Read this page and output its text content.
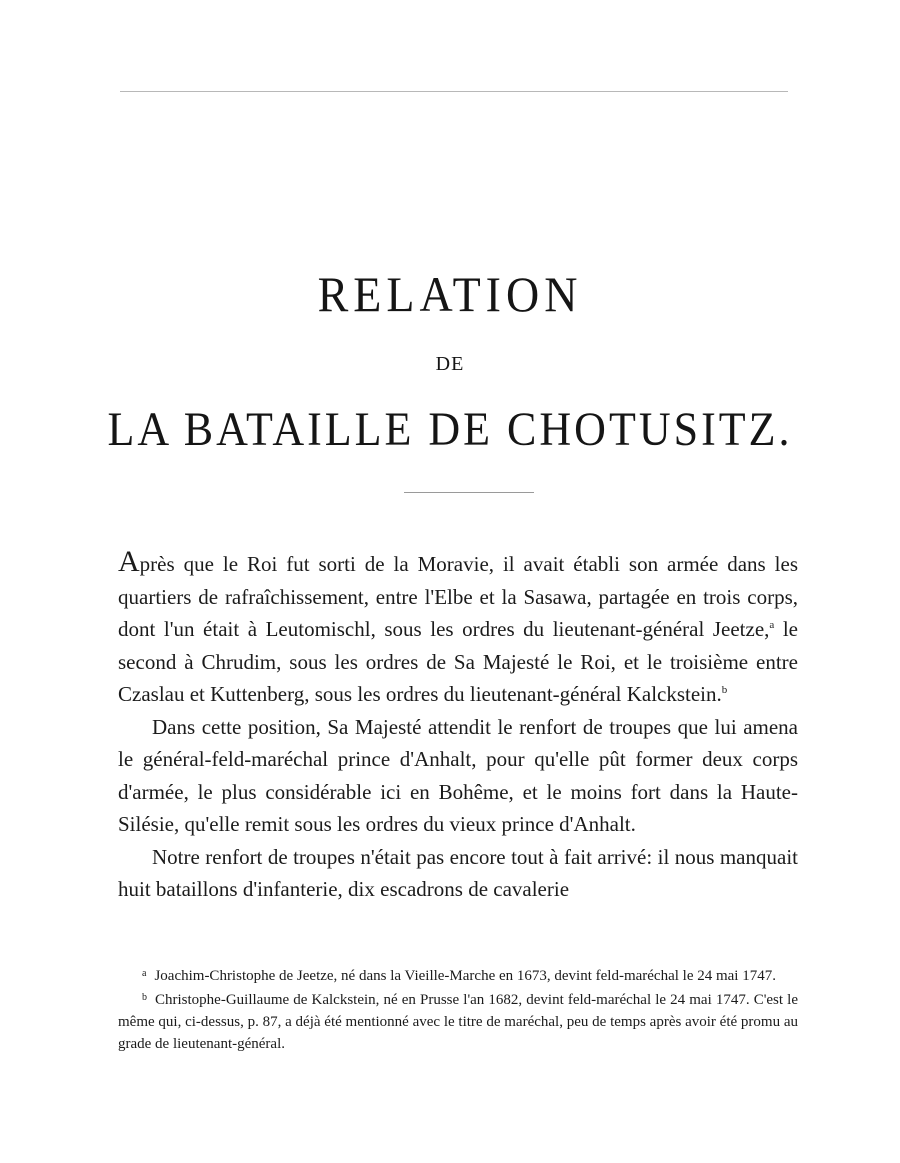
RELATION
DE
LA BATAILLE DE CHOTUSITZ.

Après que le Roi fut sorti de la Moravie, il avait établi son armée dans les quartiers de rafraîchissement, entre l'Elbe et la Sasawa, partagée en trois corps, dont l'un était à Leutomischl, sous les ordres du lieutenant-général Jeetze,$^a$ le second à Chrudim, sous les ordres de Sa Majesté le Roi, et le troisième entre Czaslau et Kuttenberg, sous les ordres du lieutenant-général Kalckstein.$^b$

Dans cette position, Sa Majesté attendit le renfort de troupes que lui amena le général-feld-maréchal prince d'Anhalt, pour qu'elle pût former deux corps d'armée, le plus considérable ici en Bohême, et le moins fort dans la Haute-Silésie, qu'elle remit sous les ordres du vieux prince d'Anhalt.

Notre renfort de troupes n'était pas encore tout à fait arrivé: il nous manquait huit bataillons d'infanterie, dix escadrons de cavalerie

$^a$ Joachim-Christophe de Jeetze, né dans la Vieille-Marche en 1673, devint feld-maréchal le 24 mai 1747.

$^b$ Christophe-Guillaume de Kalckstein, né en Prusse l'an 1682, devint feld-maréchal le 24 mai 1747. C'est le même qui, ci-dessus, p. 87, a déjà été mentionné avec le titre de maréchal, peu de temps après avoir été promu au grade de lieutenant-général.
